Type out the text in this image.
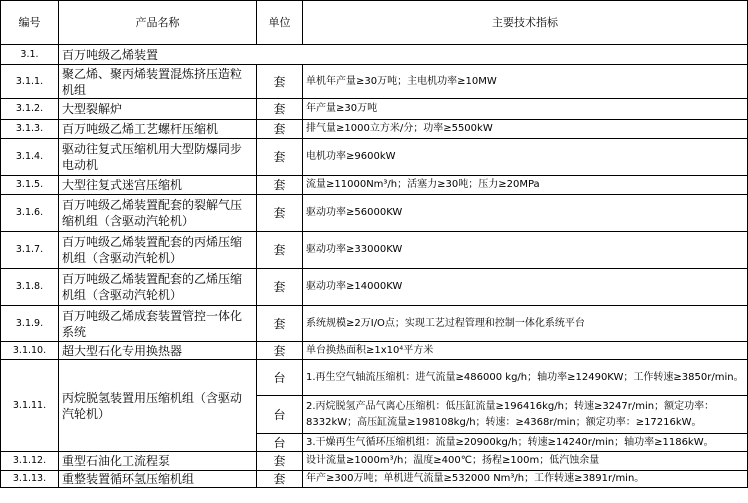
编号	产品名称	单位	主要技术指标
3.1.	百万吨级乙烯装置		
3.1.1.	聚乙烯、聚丙烯装置混炼挤压造粒机组	套	单机年产量≥30万吨；主电机功率≥10MW
3.1.2.	大型裂解炉	套	年产量≥30万吨
3.1.3.	百万吨级乙烯工艺螺杆压缩机	套	排气量≥1000立方米/分；功率≥5500kW
3.1.4.	驱动往复式压缩机用大型防爆同步电动机	套	电机功率≥9600kW
3.1.5.	大型往复式迷宫压缩机	套	流量≥11000Nm³/h；活塞力≥30吨；压力≥20MPa
3.1.6.	百万吨级乙烯装置配套的裂解气压缩机组（含驱动汽轮机）	套	驱动功率≥56000KW
3.1.7.	百万吨级乙烯装置配套的丙烯压缩机组（含驱动汽轮机）	套	驱动功率≥33000KW
3.1.8.	百万吨级乙烯装置配套的乙烯压缩机组（含驱动汽轮机）	套	驱动功率≥14000KW
3.1.9.	百万吨级乙烯成套装置管控一体化系统	套	系统规模≥2万I/O点；实现工艺过程管理和控制一体化系统平台
3.1.10.	超大型石化专用换热器	套	单台换热面积$\ge 1x10^4$平方米
3.1.11.	丙烷脱氢装置用压缩机组（含驱动汽轮机）	台	1.再生空气轴流压缩机：进气流量≥486000 kg/h；轴功率≥12490KW；工作转速≥3850r/min。
		台	2.丙烷脱氢产品气离心压缩机：低压缸流量≥196416kg/h；转速≥3247r/min；额定功率：8332kW；高压缸流量≥198108kg/h；转速：≥4368r/min；额定功率：≥17216kW。
		台	3.干燥再生气循环压缩机组：流量≥20900kg/h；转速≥14240r/min；轴功率≥1186kW。
3.1.12.	重型石油化工流程泵	套	设计流量≥1000m³/h；温度≥400℃；扬程≥100m；低汽蚀余量
3.1.13.	重整装置循环氢压缩机组	套	年产≥300万吨；单机进气流量≥532000 Nm³/h；工作转速≥3891r/min。
